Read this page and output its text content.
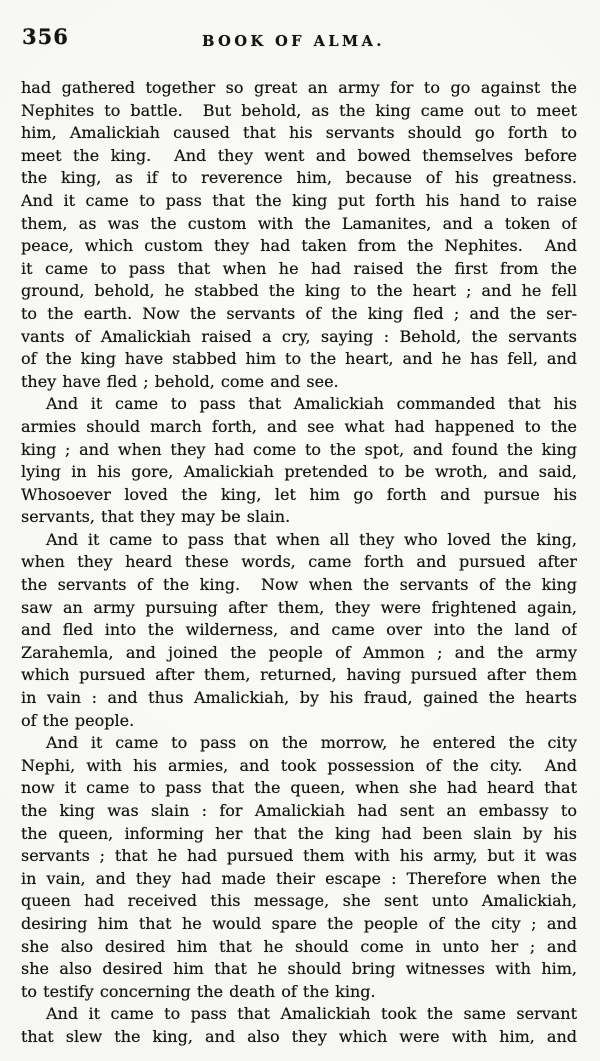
356	BOOK OF ALMA.
had gathered together so great an army for to go against the
Nephites to battle.  But behold, as the king came out to meet
him, Amalickiah caused that his servants should go forth to
meet the king.  And they went and bowed themselves before
the king, as if to reverence him, because of his greatness.
And it came to pass that the king put forth his hand to raise
them, as was the custom with the Lamanites, and a token of
peace, which custom they had taken from the Nephites.  And
it came to pass that when he had raised the first from the
ground, behold, he stabbed the king to the heart ; and he fell
to the earth. Now the servants of the king fled ; and the ser-
vants of Amalickiah raised a cry, saying : Behold, the servants
of the king have stabbed him to the heart, and he has fell, and
they have fled ; behold, come and see.
And it came to pass that Amalickiah commanded that his
armies should march forth, and see what had happened to the
king ; and when they had come to the spot, and found the king
lying in his gore, Amalickiah pretended to be wroth, and said,
Whosoever loved the king, let him go forth and pursue his
servants, that they may be slain.
And it came to pass that when all they who loved the king,
when they heard these words, came forth and pursued after
the servants of the king.  Now when the servants of the king
saw an army pursuing after them, they were frightened again,
and fled into the wilderness, and came over into the land of
Zarahemla, and joined the people of Ammon ; and the army
which pursued after them, returned, having pursued after them
in vain : and thus Amalickiah, by his fraud, gained the hearts
of the people.
And it came to pass on the morrow, he entered the city
Nephi, with his armies, and took possession of the city.  And
now it came to pass that the queen, when she had heard that
the king was slain : for Amalickiah had sent an embassy to
the queen, informing her that the king had been slain by his
servants ; that he had pursued them with his army, but it was
in vain, and they had made their escape : Therefore when the
queen had received this message, she sent unto Amalickiah,
desiring him that he would spare the people of the city ; and
she also desired him that he should come in unto her ; and
she also desired him that he should bring witnesses with him,
to testify concerning the death of the king.
And it came to pass that Amalickiah took the same servant
that slew the king, and also they which were with him, and
